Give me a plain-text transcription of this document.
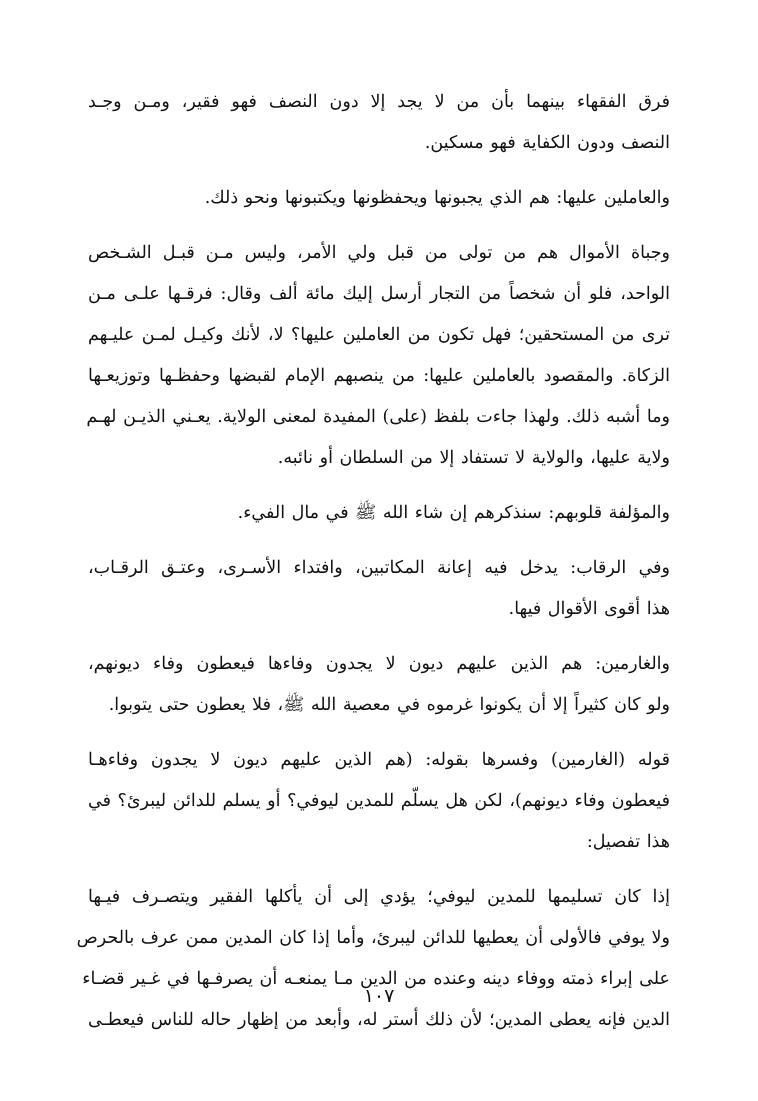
فرق الفقهاء بينهما بأن من لا يجد إلا دون النصف فهو فقير، ومـن وجـد
النصف ودون الكفاية فهو مسكين.

والعاملين عليها: هم الذي يجبونها ويحفظونها ويكتبونها ونحو ذلك.

وجباة الأموال هم من تولى من قبل ولي الأمر، وليس مـن قبـل الشـخص
الواحد، فلو أن شخصاً من التجار أرسل إليك مائة ألف وقال: فرقـها علـى مـن
ترى من المستحقين؛ فهل تكون من العاملين عليها؟ لا، لأنك وكيـل لمـن عليـهم
الزكاة. والمقصود بالعاملين عليها: من ينصبهم الإمام لقبضها وحفظـها وتوزيعـها
وما أشبه ذلك. ولهذا جاءت بلفظ (على) المفيدة لمعنى الولاية. يعـني الذيـن لهـم
ولاية عليها، والولاية لا تستفاد إلا من السلطان أو نائبه.

والمؤلفة قلوبهم: سنذكرهم إن شاء الله ﷺ في مال الفيء.

وفي الرقاب: يدخل فيه إعانة المكاتبين، وافتداء الأسـرى، وعتـق الرقـاب،
هذا أقوى الأقوال فيها.

والغارمين: هم الذين عليهم ديون لا يجدون وفاءها فيعطون وفاء ديونهم،
ولو كان كثيراً إلا أن يكونوا غرموه في معصية الله ﷺ، فلا يعطون حتى يتوبوا.

قوله (الغارمين) وفسرها بقوله: (هم الذين عليهم ديون لا يجدون وفاءهـا
فيعطون وفاء ديونهم)، لكن هل يسلّم للمدين ليوفي؟ أو يسلم للدائن ليبرئ؟ في
هذا تفصيل:

إذا كان تسليمها للمدين ليوفي؛ يؤدي إلى أن يأكلها الفقير ويتصـرف فيـها
ولا يوفي فالأولى أن يعطيها للدائن ليبرئ، وأما إذا كان المدين ممن عرف بالحرص
على إبراء ذمته ووفاء دينه وعنده من الدين مـا يمنعـه أن يصرفـها في غـير قضـاء
الدين فإنه يعطى المدين؛ لأن ذلك أستر له، وأبعد من إظهار حاله للناس فيعطـى

١٠٧
